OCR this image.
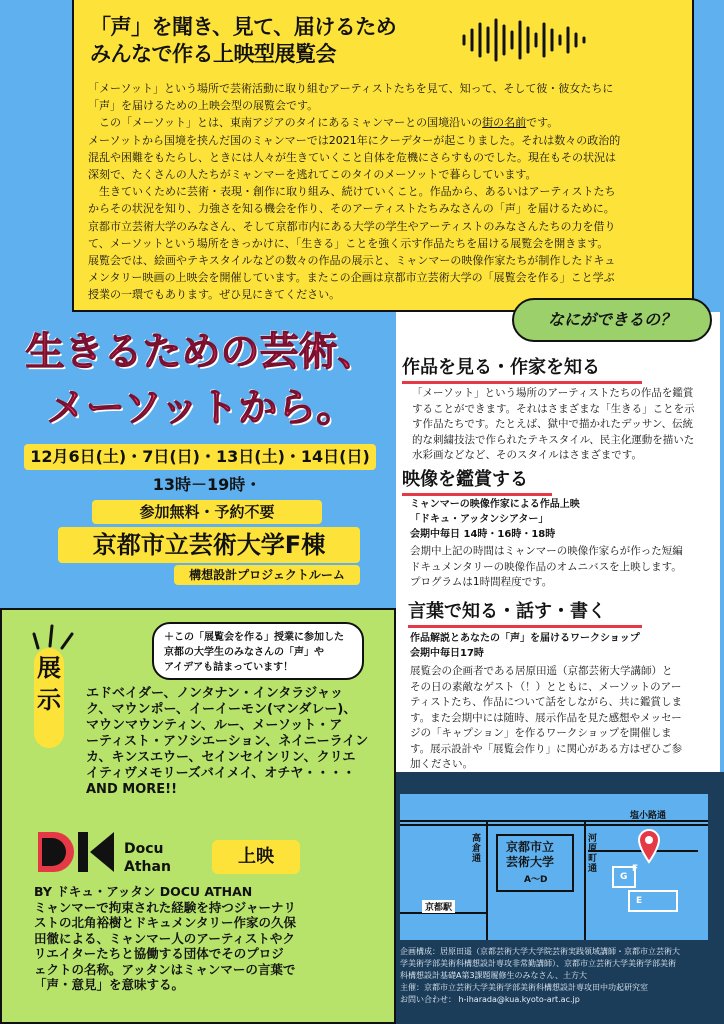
「声」を聞き、見て、届けるため
みんなで作る上映型展覧会
「メーソット」という場所で芸術活動に取り組むアーティストたちを見て、知って、そして彼・彼女たちに
「声」を届けるための上映会型の展覧会です。
　この「メーソット」とは、東南アジアのタイにあるミャンマーとの国境沿いの街の名前です。
メーソットから国境を挟んだ国のミャンマーでは2021年にクーデターが起こりました。それは数々の政治的
混乱や困難をもたらし、ときには人々が生きていくこと自体を危機にさらすものでした。現在もその状況は
深刻で、たくさんの人たちがミャンマーを逃れてこのタイのメーソットで暮らしています。
　生きていくために芸術・表現・創作に取り組み、続けていくこと。作品から、あるいはアーティストたち
からその状況を知り、力強さを知る機会を作り、そのアーティストたちみなさんの「声」を届けるために。
京都市立芸術大学のみなさん、そして京都市内にある大学の学生やアーティストのみなさんたちの力を借り
て、メーソットという場所をきっかけに、「生きる」ことを強く示す作品たちを届ける展覧会を開きます。
展覧会では、絵画やテキスタイルなどの数々の作品の展示と、ミャンマーの映像作家たちが制作したドキュ
メンタリー映画の上映会を開催しています。またこの企画は京都市立芸術大学の「展覧会を作る」こと学ぶ
授業の一環でもあります。ぜひ見にきてください。
生きるための芸術、
メーソットから。
12月6日(土)・7日(日)・13日(土)・14日(日)
13時－19時・
参加無料・予約不要
京都市立芸術大学F棟
構想設計プロジェクトルーム
なにができるの？
作品を見る・作家を知る
「メーソット」という場所のアーティストたちの作品を鑑賞
することができます。それはさまざまな「生きる」ことを示
す作品たちです。たとえば、獄中で描かれたデッサン、伝統
的な刺繍技法で作られたテキスタイル、民主化運動を描いた
水彩画などなど、そのスタイルはさまざまです。
映像を鑑賞する
ミャンマーの映像作家による作品上映
「ドキュ・アッタンシアター」
会期中毎日 14時・16時・18時
会期中上記の時間はミャンマーの映像作家らが作った短編
ドキュメンタリーの映像作品のオムニバスを上映します。
プログラムは1時間程度です。
言葉で知る・話す・書く
作品解説とあなたの「声」を届けるワークショップ
会期中毎日17時
展覧会の企画者である居原田遥（京都芸術大学講師）と
その日の素敵なゲスト（！）とともに、メーソットのアー
ティストたち、作品について話をしながら、共に鑑賞しま
す。また会期中には随時、展示作品を見た感想やメッセー
ジの「キャプション」を作るワークショップを開催しま
す。展示設計や「展覧会作り」に関心がある方はぜひご参
加ください。
＋この「展覧会を作る」授業に参加した
京都の大学生のみなさんの「声」や
アイデアも詰まっています！
展
示 エドベイダー、ノンタナン・インタラジャッ
ク、マウンポー、イーイーモン(マンダレー)、
マウンマウンティン、ルー、メーソット・ア
ーティスト・アソシエーション、ネイニーライン
カ、キンスエウー、セインセインリン、クリエ
イティヴメモリーズバイメイ、オチヤ・・・・
AND MORE!!
Docu
Athan	上映
BY ドキュ・アッタン DOCU ATHAN
ミャンマーで拘束された経験を持つジャーナリ
ストの北角裕樹とドキュメンタリー作家の久保
田徹による、ミャンマー人のアーティストやク
リエイターたちと協働する団体でそのプロジ
ェクトの名称。アッタンはミャンマーの言葉で
「声・意見」を意味する。
塩小路通
高
倉
通
河
原
町
通
京都市立
芸術大学
A～D
京都駅
G
F
E
企画構成：居原田遥（京都芸術大学大学院芸術実践領域講師・京都市立芸術大
学美術学部美術科構想設計専攻非常勤講師）、京都市立芸術大学美術学部美術
科構想設計基礎A第3課題履修生のみなさん、土方大
主催：京都市立芸術大学美術学部美術科構想設計専攻田中功起研究室
お問い合わせ： h-iharada@kua.kyoto-art.ac.jp
